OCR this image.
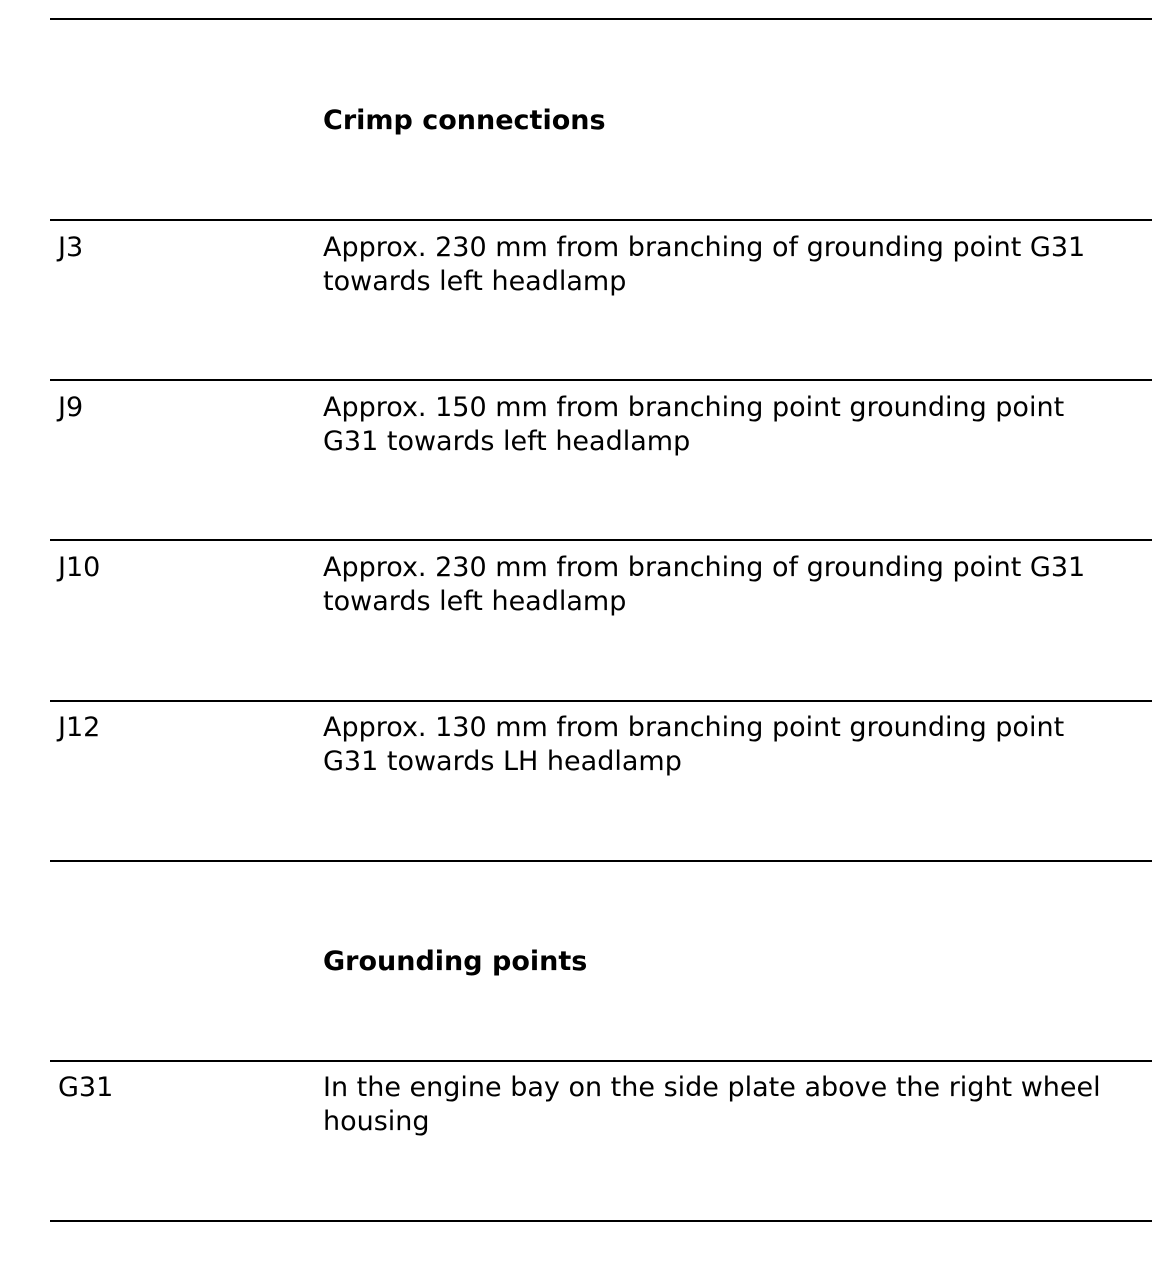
Crimp connections
J3	Approx. 230 mm from branching of grounding point G31
towards left headlamp
J9	Approx. 150 mm from branching point grounding point
G31 towards left headlamp
J10	Approx. 230 mm from branching of grounding point G31
towards left headlamp
J12	Approx. 130 mm from branching point grounding point
G31 towards LH headlamp
Grounding points
G31	In the engine bay on the side plate above the right wheel
housing
